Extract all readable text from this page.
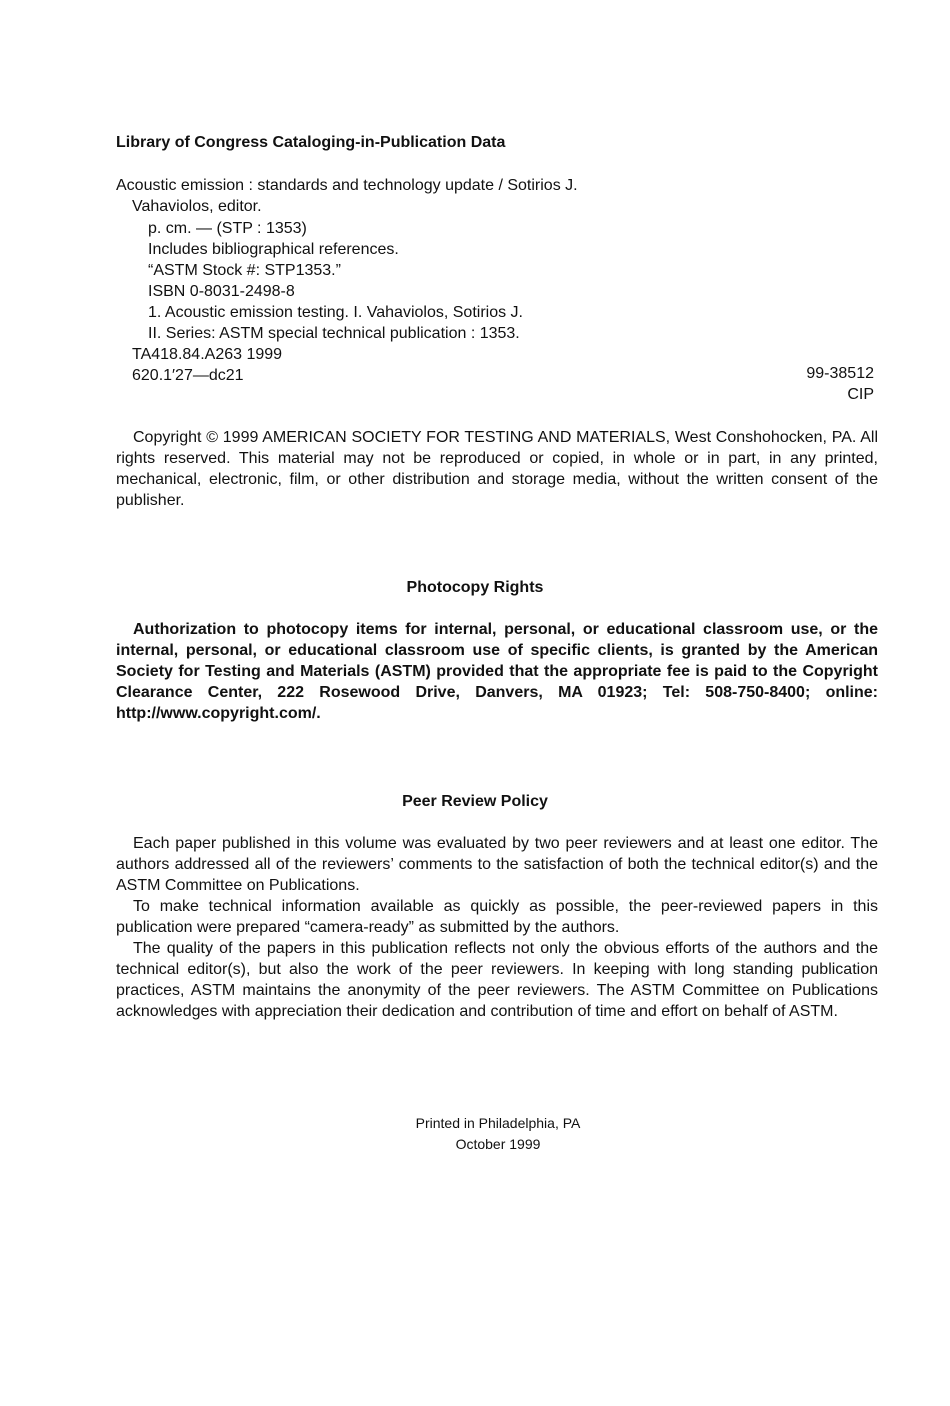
Library of Congress Cataloging-in-Publication Data
Acoustic emission : standards and technology update / Sotirios J.
Vahaviolos, editor.
p. cm. — (STP : 1353)
Includes bibliographical references.
“ASTM Stock #: STP1353.”
ISBN 0-8031-2498-8
1. Acoustic emission testing. I. Vahaviolos, Sotirios J.
II. Series: ASTM special technical publication : 1353.
TA418.84.A263 1999
620.1′27—dc21	99-38512
CIP
Copyright © 1999 AMERICAN SOCIETY FOR TESTING AND MATERIALS, West Conshohocken, PA. All rights reserved. This material may not be reproduced or copied, in whole or in part, in any printed, mechanical, electronic, film, or other distribution and storage media, without the written consent of the publisher.
Photocopy Rights
Authorization to photocopy items for internal, personal, or educational classroom use, or the internal, personal, or educational classroom use of specific clients, is granted by the American Society for Testing and Materials (ASTM) provided that the appropriate fee is paid to the Copyright Clearance Center, 222 Rosewood Drive, Danvers, MA 01923; Tel: 508-750-8400; online: http://www.copyright.com/.
Peer Review Policy

Each paper published in this volume was evaluated by two peer reviewers and at least one editor. The authors addressed all of the reviewers’ comments to the satisfaction of both the technical editor(s) and the ASTM Committee on Publications.

To make technical information available as quickly as possible, the peer-reviewed papers in this publication were prepared “camera-ready” as submitted by the authors.

The quality of the papers in this publication reflects not only the obvious efforts of the authors and the technical editor(s), but also the work of the peer reviewers. In keeping with long standing publication practices, ASTM maintains the anonymity of the peer reviewers. The ASTM Committee on Publications acknowledges with appreciation their dedication and contribution of time and effort on behalf of ASTM.

Printed in Philadelphia, PA
October 1999
